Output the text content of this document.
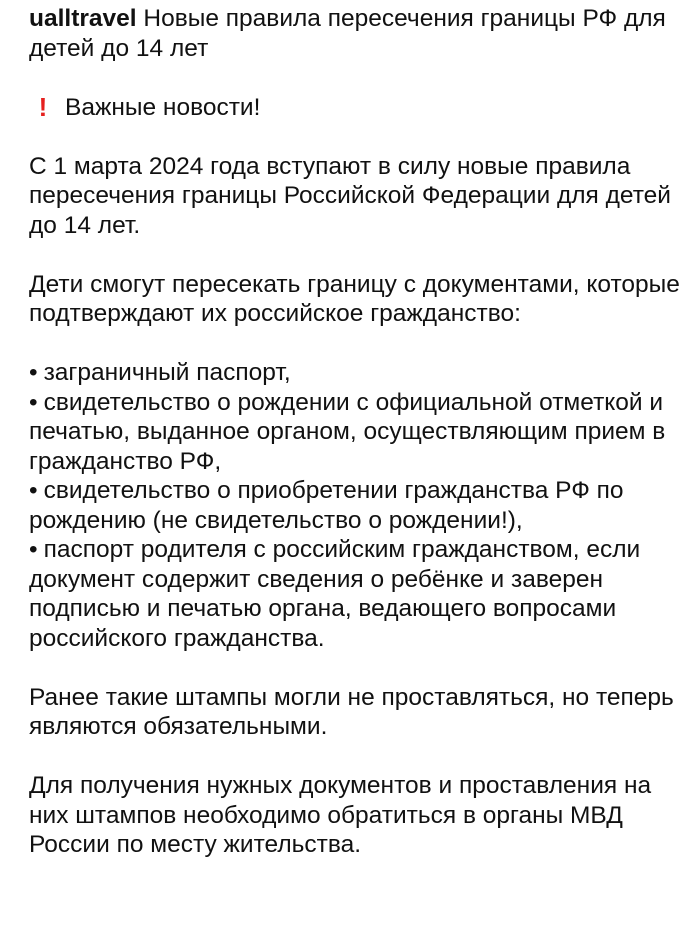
ualltravel Новые правила пересечения границы РФ для детей до 14 лет

! Важные новости!

С 1 марта 2024 года вступают в силу новые правила пересечения границы Российской Федерации для детей до 14 лет.

Дети смогут пересекать границу с документами, которые подтверждают их российское гражданство:

• заграничный паспорт,

• свидетельство о рождении с официальной отметкой и печатью, выданное органом, осуществляющим прием в гражданство РФ,

• свидетельство о приобретении гражданства РФ по рождению (не свидетельство о рождении!),

• паспорт родителя с российским гражданством, если документ содержит сведения о ребёнке и заверен подписью и печатью органа, ведающего вопросами российского гражданства.

Ранее такие штампы могли не проставляться, но теперь являются обязательными.

Для получения нужных документов и проставления на них штампов необходимо обратиться в органы МВД России по месту жительства.
